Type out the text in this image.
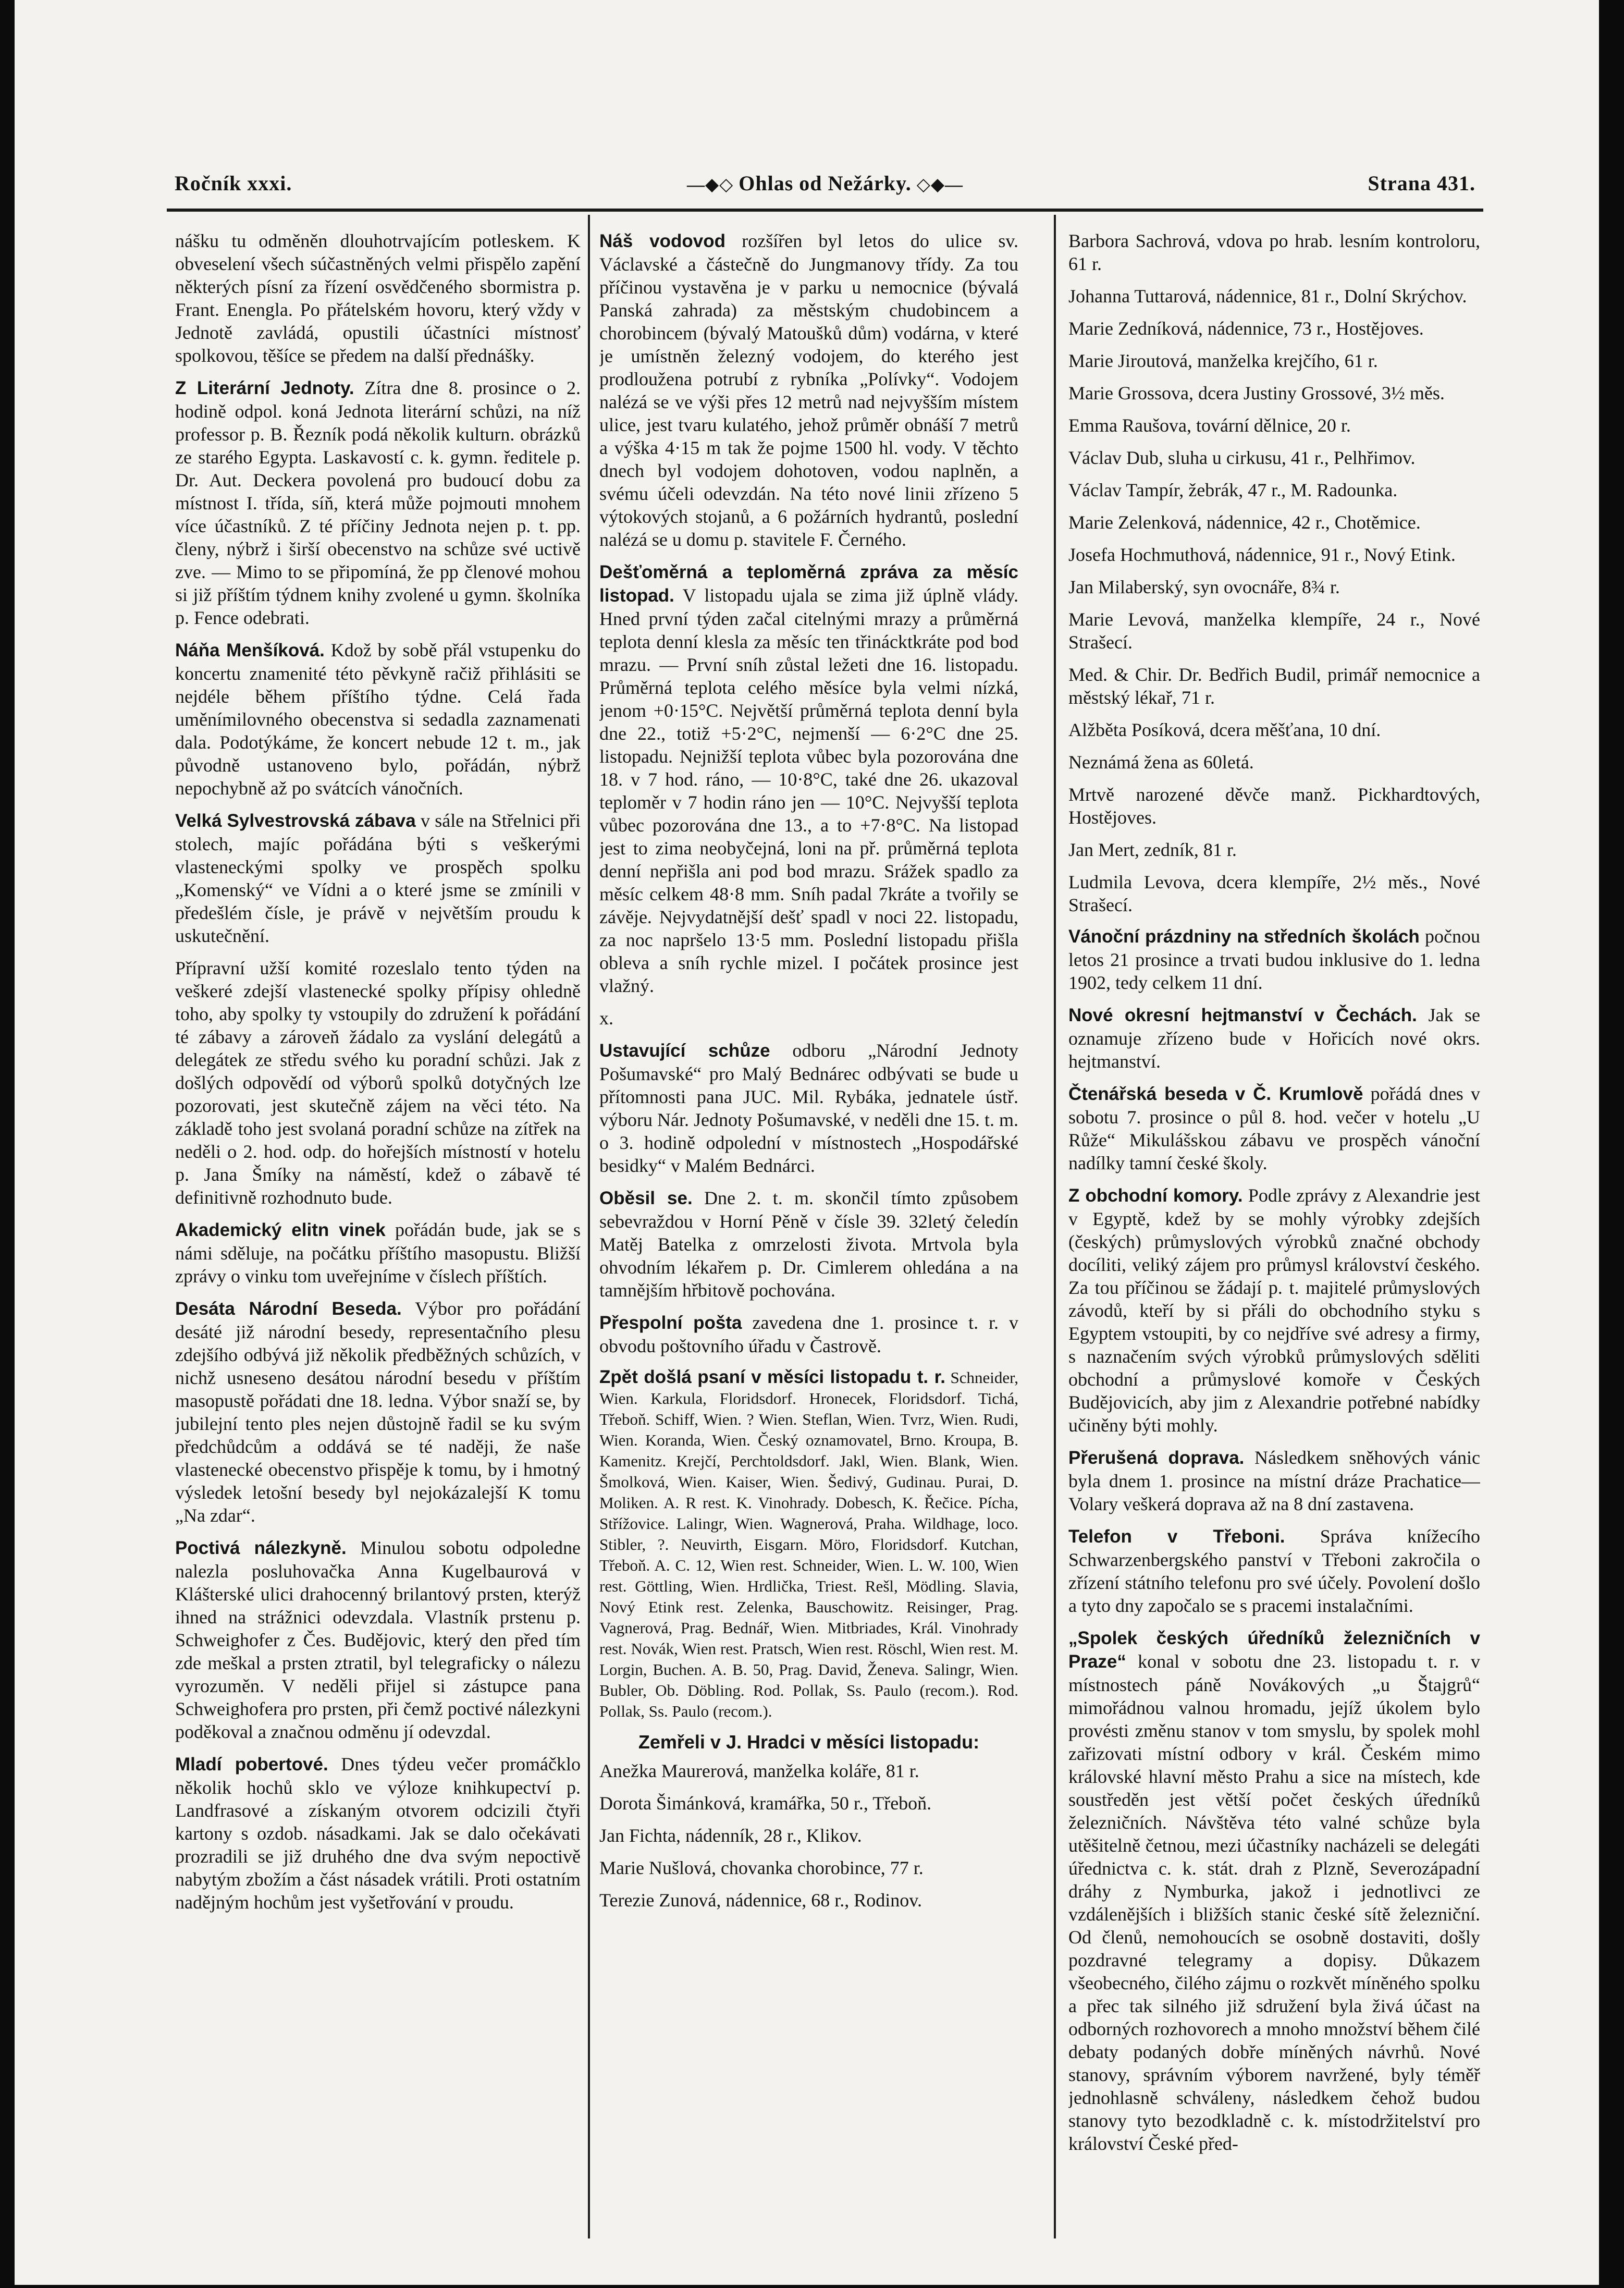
Ročník xxxi.	—◆◇ Ohlas od Nežárky. ◇◆—	Strana 431.

nášku tu odměněn dlouhotrvajícím potleskem. K obveselení všech súčastněných velmi přispělo zapění některých písní za řízení osvědčeného sbormistra p. Frant. Enengla. Po přátelském hovoru, který vždy v Jednotě zavládá, opustili účastníci místnosť spolkovou, těšíce se předem na další přednášky.

Z Literární Jednoty. Zítra dne 8. prosince o 2. hodině odpol. koná Jednota literární schůzi, na níž professor p. B. Řezník podá několik kulturn. obrázků ze starého Egypta. Laskavostí c. k. gymn. ředitele p. Dr. Aut. Deckera povolená pro budoucí dobu za místnost I. třída, síň, která může pojmouti mnohem více účastníků. Z té příčiny Jednota nejen p. t. pp. členy, nýbrž i širší obecenstvo na schůze své uctivě zve. — Mimo to se připomíná, že pp členové mohou si již příštím týdnem knihy zvolené u gymn. školníka p. Fence odebrati.

Náňa Menšíková. Kdož by sobě přál vstupenku do koncertu znamenité této pěvkyně račiž přihlásiti se nejdéle během příštího týdne. Celá řada uměnímilovného obecenstva si sedadla zaznamenati dala. Podotýkáme, že koncert nebude 12 t. m., jak původně ustanoveno bylo, pořádán, nýbrž nepochybně až po svátcích vánočních.

Velká Sylvestrovská zábava v sále na Střelnici při stolech, majíc pořádána býti s veškerými vlasteneckými spolky ve prospěch spolku „Komenský“ ve Vídni a o které jsme se zmínili v předešlém čísle, je právě v největším proudu k uskutečnění.

Přípravní užší komité rozeslalo tento týden na veškeré zdejší vlastenecké spolky přípisy ohledně toho, aby spolky ty vstoupily do združení k pořádání té zábavy a zároveň žádalo za vyslání delegátů a delegátek ze středu svého ku poradní schůzi. Jak z došlých odpovědí od výborů spolků dotyčných lze pozorovati, jest skutečně zájem na věci této. Na základě toho jest svolaná poradní schůze na zítřek na neděli o 2. hod. odp. do hořejších místností v hotelu p. Jana Šmíky na náměstí, kdež o zábavě té definitivně rozhodnuto bude.

Akademický elitn vinek pořádán bude, jak se s námi sděluje, na počátku příštího masopustu. Bližší zprávy o vinku tom uveřejníme v číslech příštích.

Desáta Národní Beseda. Výbor pro pořádání desáté již národní besedy, representačního plesu zdejšího odbývá již několik předběžných schůzích, v nichž usneseno desátou národní besedu v příštím masopustě pořádati dne 18. ledna. Výbor snaží se, by jubilejní tento ples nejen důstojně řadil se ku svým předchůdcům a oddává se té naději, že naše vlastenecké obecenstvo přispěje k tomu, by i hmotný výsledek letošní besedy byl nejokázalejší K tomu „Na zdar“.

Poctivá nálezkyně. Minulou sobotu odpoledne nalezla posluhovačka Anna Kugelbaurová v Klášterské ulici drahocenný brilantový prsten, kterýž ihned na strážnici odevzdala. Vlastník prstenu p. Schweighofer z Čes. Budějovic, který den před tím zde meškal a prsten ztratil, byl telegraficky o nálezu vyrozuměn. V neděli přijel si zástupce pana Schweighofera pro prsten, při čemž poctivé nálezkyni poděkoval a značnou odměnu jí odevzdal.

Mladí pobertové. Dnes týdeu večer promáčklo několik hochů sklo ve výloze knihkupectví p. Landfrasové a získaným otvorem odcizili čtyři kartony s ozdob. násadkami. Jak se dalo očekávati prozradili se již druhého dne dva svým nepoctivě nabytým zbožím a část násadek vrátili. Proti ostatním nadějným hochům jest vyšetřování v proudu.

Náš vodovod rozšířen byl letos do ulice sv. Václavské a částečně do Jungmanovy třídy. Za tou příčinou vystavěna je v parku u nemocnice (bývalá Panská zahrada) za městským chudobincem a chorobincem (bývalý Matoušků dům) vodárna, v které je umístněn železný vodojem, do kterého jest prodloužena potrubí z rybníka „Polívky“. Vodojem nalézá se ve výši přes 12 metrů nad nejvyšším místem ulice, jest tvaru kulatého, jehož průměr obnáší 7 metrů a výška 4·15 m tak že pojme 1500 hl. vody. V těchto dnech byl vodojem dohotoven, vodou naplněn, a svému účeli odevzdán. Na této nové linii zřízeno 5 výtokových stojanů, a 6 požárních hydrantů, poslední nalézá se u domu p. stavitele F. Černého.

Dešťoměrná a teploměrná zpráva za měsíc listopad. V listopadu ujala se zima již úplně vlády. Hned první týden začal citelnými mrazy a průměrná teplota denní klesla za měsíc ten třinácktkráte pod bod mrazu. — První sníh zůstal ležeti dne 16. listopadu. Průměrná teplota celého měsíce byla velmi nízká, jenom +0·15°C. Největší průměrná teplota denní byla dne 22., totiž +5·2°C, nejmenší — 6·2°C dne 25. listopadu. Nejnižší teplota vůbec byla pozorována dne 18. v 7 hod. ráno, — 10·8°C, také dne 26. ukazoval teploměr v 7 hodin ráno jen — 10°C. Nejvyšší teplota vůbec pozorována dne 13., a to +7·8°C. Na listopad jest to zima neobyčejná, loni na př. průměrná teplota denní nepřišla ani pod bod mrazu. Srážek spadlo za měsíc celkem 48·8 mm. Sníh padal 7kráte a tvořily se závěje. Nejvydatnější dešť spadl v noci 22. listopadu, za noc napršelo 13·5 mm. Poslední listopadu přišla obleva a sníh rychle mizel. I počátek prosince jest vlažný.

x.

Ustavující schůze odboru „Národní Jednoty Pošumavské“ pro Malý Bednárec odbývati se bude u přítomnosti pana JUC. Mil. Rybáka, jednatele ústř. výboru Nár. Jednoty Pošumavské, v neděli dne 15. t. m. o 3. hodině odpolední v místnostech „Hospodářské besidky“ v Malém Bednárci.

Oběsil se. Dne 2. t. m. skončil tímto způsobem sebevraždou v Horní Pěně v čísle 39. 32letý čeledín Matěj Batelka z omrzelosti života. Mrtvola byla ohvodním lékařem p. Dr. Cimlerem ohledána a na tamnějším hřbitově pochována.

Přespolní pošta zavedena dne 1. prosince t. r. v obvodu poštovního úřadu v Častrově.

Zpět došlá psaní v měsíci listopadu t. r. Schneider, Wien. Karkula, Floridsdorf. Hronecek, Floridsdorf. Tichá, Třeboň. Schiff, Wien. ? Wien. Steflan, Wien. Tvrz, Wien. Rudi, Wien. Koranda, Wien. Český oznamovatel, Brno. Kroupa, B. Kamenitz. Krejčí, Perchtoldsdorf. Jakl, Wien. Blank, Wien. Šmolková, Wien. Kaiser, Wien. Šedivý, Gudinau. Purai, D. Moliken. A. R rest. K. Vinohrady. Dobesch, K. Řečice. Pícha, Střížovice. Lalingr, Wien. Wagnerová, Praha. Wildhage, loco. Stibler, ?. Neuvirth, Eisgarn. Möro, Floridsdorf. Kutchan, Třeboň. A. C. 12, Wien rest. Schneider, Wien. L. W. 100, Wien rest. Göttling, Wien. Hrdlička, Triest. Rešl, Mödling. Slavia, Nový Etink rest. Zelenka, Bauschowitz. Reisinger, Prag. Vagnerová, Prag. Bednář, Wien. Mitbriades, Král. Vinohrady rest. Novák, Wien rest. Pratsch, Wien rest. Röschl, Wien rest. M. Lorgin, Buchen. A. B. 50, Prag. David, Ženeva. Salingr, Wien. Bubler, Ob. Döbling. Rod. Pollak, Ss. Paulo (recom.). Rod. Pollak, Ss. Paulo (recom.).

Zemřeli v J. Hradci v měsíci listopadu:

Anežka Maurerová, manželka koláře, 81 r.

Dorota Šimánková, kramářka, 50 r., Třeboň.

Jan Fichta, nádenník, 28 r., Klikov.

Marie Nušlová, chovanka chorobince, 77 r.

Terezie Zunová, nádennice, 68 r., Rodinov.

Barbora Sachrová, vdova po hrab. lesním kontroloru, 61 r.

Johanna Tuttarová, nádennice, 81 r., Dolní Skrýchov.

Marie Zedníková, nádennice, 73 r., Hostějoves.

Marie Jiroutová, manželka krejčího, 61 r.

Marie Grossova, dcera Justiny Grossové, 3½ měs.

Emma Raušova, tovární dělnice, 20 r.

Václav Dub, sluha u cirkusu, 41 r., Pelhřimov.

Václav Tampír, žebrák, 47 r., M. Radounka.

Marie Zelenková, nádennice, 42 r., Chotěmice.

Josefa Hochmuthová, nádennice, 91 r., Nový Etink.

Jan Milaberský, syn ovocnáře, 8¾ r.

Marie Levová, manželka klempíře, 24 r., Nové Strašecí.

Med. & Chir. Dr. Bedřich Budil, primář nemocnice a městský lékař, 71 r.

Alžběta Posíková, dcera měšťana, 10 dní.

Neznámá žena as 60letá.

Mrtvě narozené děvče manž. Pickhardtových, Hostějoves.

Jan Mert, zedník, 81 r.

Ludmila Levova, dcera klempíře, 2½ měs., Nové Strašecí.

Vánoční prázdniny na středních školách počnou letos 21 prosince a trvati budou inklusive do 1. ledna 1902, tedy celkem 11 dní.

Nové okresní hejtmanství v Čechách. Jak se oznamuje zřízeno bude v Hořicích nové okrs. hejtmanství.

Čtenářská beseda v Č. Krumlově pořádá dnes v sobotu 7. prosince o půl 8. hod. večer v hotelu „U Růže“ Mikulášskou zábavu ve prospěch vánoční nadílky tamní české školy.

Z obchodní komory. Podle zprávy z Alexandrie jest v Egyptě, kdež by se mohly výrobky zdejších (českých) průmyslových výrobků značné obchody docíliti, veliký zájem pro průmysl království českého. Za tou příčinou se žádají p. t. majitelé průmyslových závodů, kteří by si přáli do obchodního styku s Egyptem vstoupiti, by co nejdříve své adresy a firmy, s naznačením svých výrobků průmyslových sděliti obchodní a průmyslové komoře v Českých Budějovicích, aby jim z Alexandrie potřebné nabídky učiněny býti mohly.

Přerušená doprava. Následkem sněhových vánic byla dnem 1. prosince na místní dráze Prachatice—Volary veškerá doprava až na 8 dní zastavena.

Telefon v Třeboni. Správa knížecího Schwarzenbergského panství v Třeboni zakročila o zřízení státního telefonu pro své účely. Povolení došlo a tyto dny započalo se s pracemi instalačními.

„Spolek českých úředníků železničních v Praze“ konal v sobotu dne 23. listopadu t. r. v místnostech páně Novákových „u Štajgrů“ mimořádnou valnou hromadu, jejíž úkolem bylo provésti změnu stanov v tom smyslu, by spolek mohl zařizovati místní odbory v král. Českém mimo královské hlavní město Prahu a sice na místech, kde soustředěn jest větší počet českých úředníků železničních. Návštěva této valné schůze byla utěšitelně četnou, mezi účastníky nacházeli se delegáti úřednictva c. k. stát. drah z Plzně, Severozápadní dráhy z Nymburka, jakož i jednotlivci ze vzdálenějších i bližších stanic české sítě železniční. Od členů, nemohoucích se osobně dostaviti, došly pozdravné telegramy a dopisy. Důkazem všeobecného, čilého zájmu o rozkvět míněného spolku a přec tak silného již sdružení byla živá účast na odborných rozhovorech a mnoho množství během čilé debaty podaných dobře míněných návrhů. Nové stanovy, správním výborem navržené, byly téměř jednohlasně schváleny, následkem čehož budou stanovy tyto bezodkladně c. k. místodržitelství pro království České před-
